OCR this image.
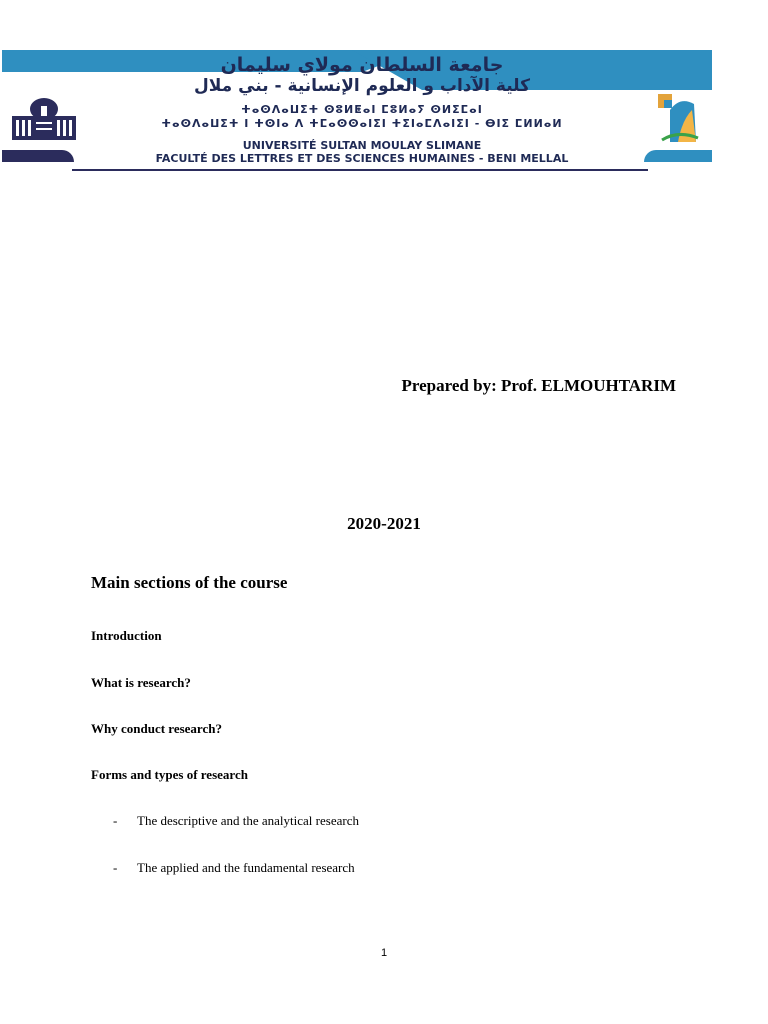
جامعة السلطان مولاي سليمان
كلية الآداب و العلوم الإنسانية - بني ملال
ⵜⴰⵙⴷⴰⵡⵉⵜ ⵙⵓⵍⵟⴰⵏ ⵎⵓⵍⴰⵢ ⵙⵍⵉⵎⴰⵏ
ⵜⴰⵙⴷⴰⵡⵉⵜ ⵏ ⵜⵙⵏⴰ ⴷ ⵜⵎⴰⵙⵙⴰⵏⵉⵏ ⵜⵉⵏⴰⵎⴷⴰⵏⵉⵏ - ⴱⵏⵉ ⵎⵍⵍⴰⵍ
UNIVERSITÉ SULTAN MOULAY SLIMANE
FACULTÉ DES LETTRES ET DES SCIENCES HUMAINES - BENI MELLAL
Prepared by: Prof. ELMOUHTARIM
2020-2021
Main sections of the course
Introduction
What is research?
Why conduct research?
Forms and types of research
- The descriptive and the analytical research
- The applied and the fundamental research
1
